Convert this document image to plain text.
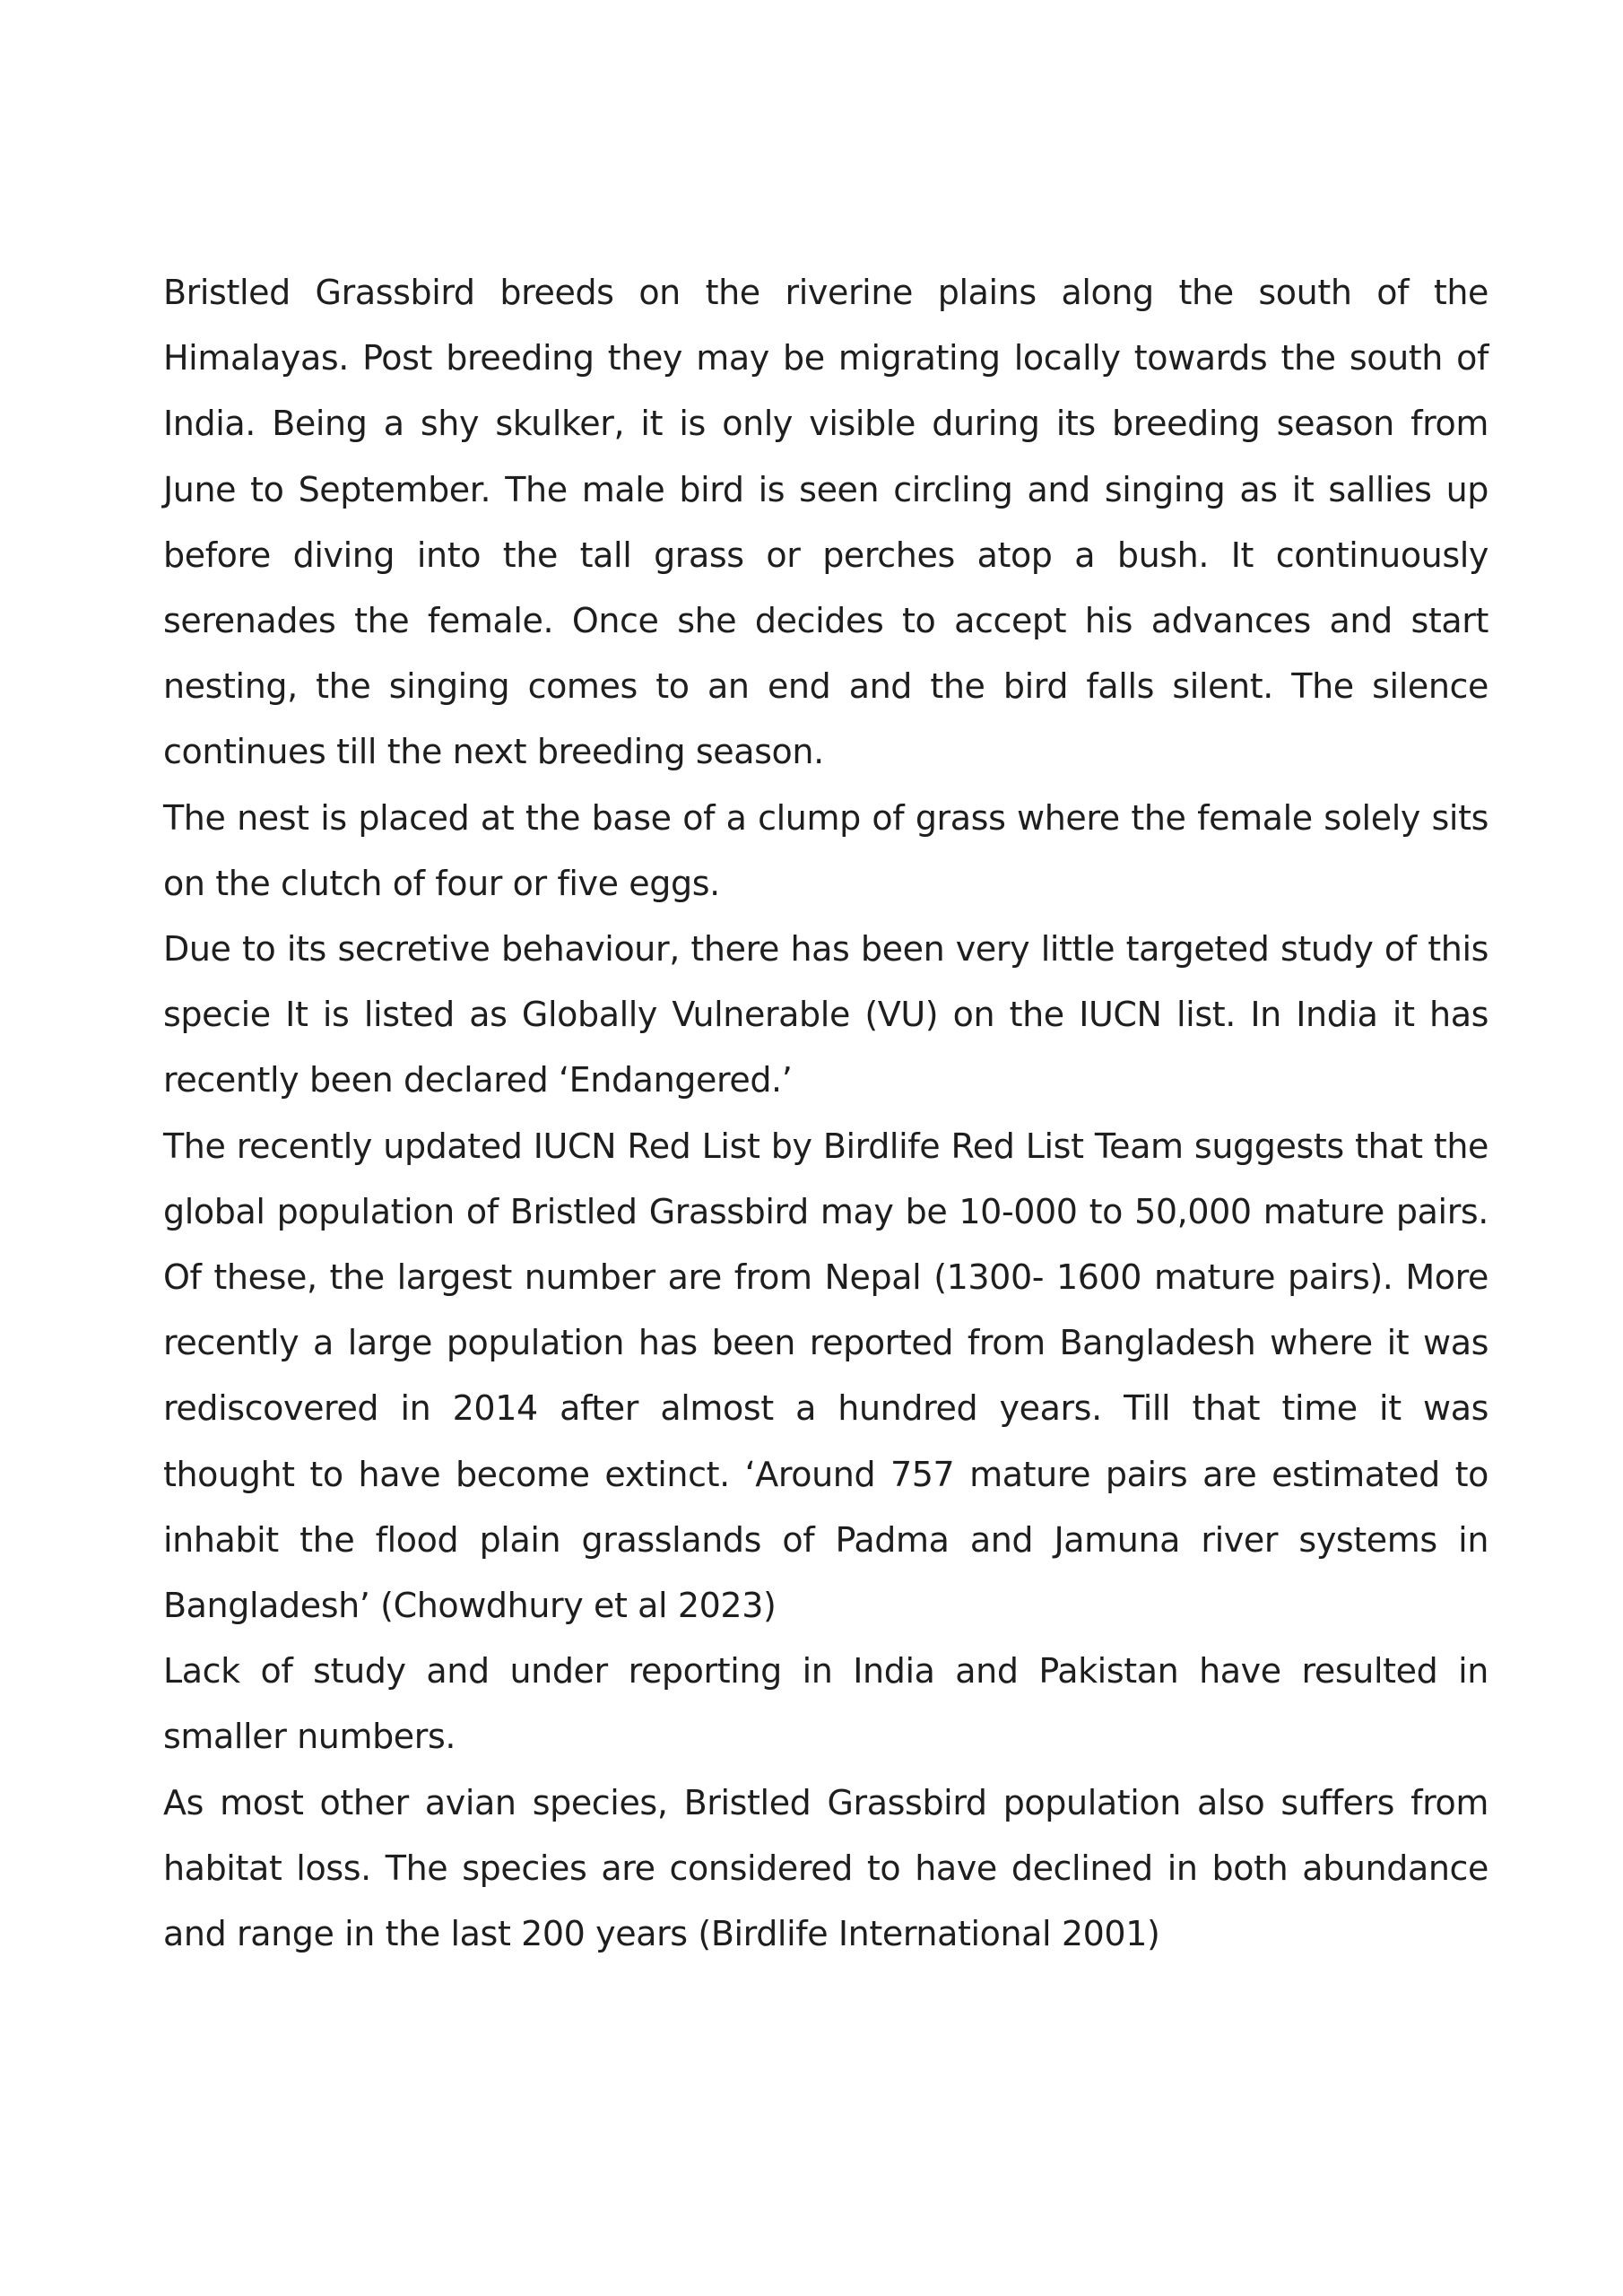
Bristled Grassbird breeds on the riverine plains along the south of the Himalayas. Post breeding they may be migrating locally towards the south of India. Being a shy skulker, it is only visible during its breeding season from June to September. The male bird is seen circling and singing as it sallies up before diving into the tall grass or perches atop a bush. It continuously serenades the female. Once she decides to accept his advances and start nesting, the singing comes to an end and the bird falls silent. The silence continues till the next breeding season.

The nest is placed at the base of a clump of grass where the female solely sits on the clutch of four or five eggs.

Due to its secretive behaviour, there has been very little targeted study of this specie It is listed as Globally Vulnerable (VU) on the IUCN list. In India it has recently been declared ‘Endangered.’

The recently updated IUCN Red List by Birdlife Red List Team suggests that the global population of Bristled Grassbird may be 10-000 to 50,000 mature pairs. Of these, the largest number are from Nepal (1300- 1600 mature pairs). More recently a large population has been reported from Bangladesh where it was rediscovered in 2014 after almost a hundred years. Till that time it was thought to have become extinct. ‘Around 757 mature pairs are estimated to inhabit the flood plain grasslands of Padma and Jamuna river systems in Bangladesh’ (Chowdhury et al 2023)

Lack of study and under reporting in India and Pakistan have resulted in smaller numbers.

As most other avian species, Bristled Grassbird population also suffers from habitat loss. The species are considered to have declined in both abundance and range in the last 200 years (Birdlife International 2001)
